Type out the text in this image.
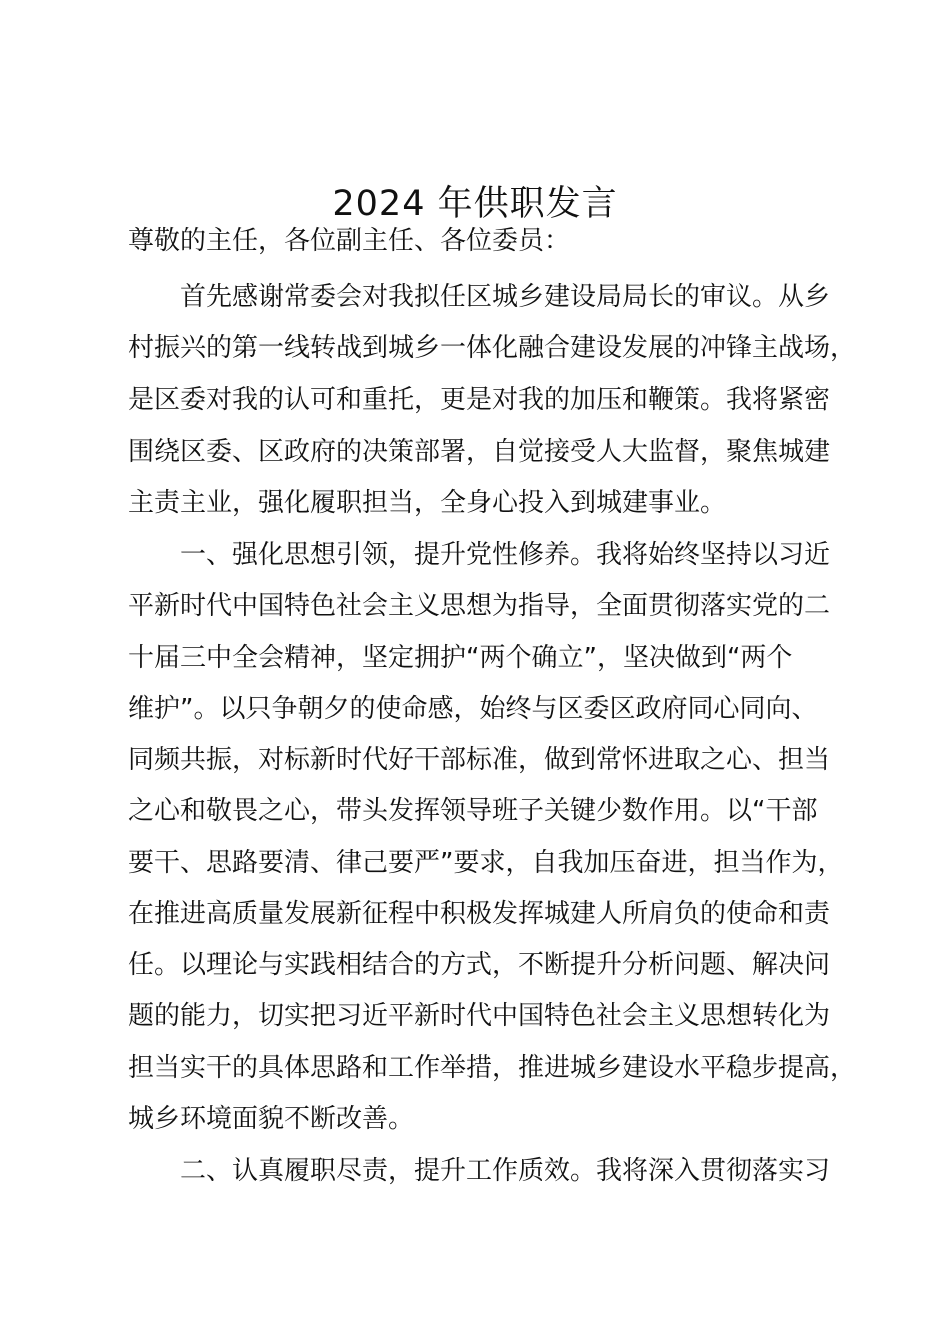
2024 年供职发言
尊敬的主任，各位副主任、各位委员：
首先感谢常委会对我拟任区城乡建设局局长的审议。从乡
村振兴的第一线转战到城乡一体化融合建设发展的冲锋主战场，
是区委对我的认可和重托，更是对我的加压和鞭策。我将紧密
围绕区委、区政府的决策部署，自觉接受人大监督，聚焦城建
主责主业，强化履职担当，全身心投入到城建事业。
一、强化思想引领，提升党性修养。我将始终坚持以习近
平新时代中国特色社会主义思想为指导，全面贯彻落实党的二
十届三中全会精神，坚定拥护“两个确立”，坚决做到“两个
维护”。以只争朝夕的使命感，始终与区委区政府同心同向、
同频共振，对标新时代好干部标准，做到常怀进取之心、担当
之心和敬畏之心，带头发挥领导班子关键少数作用。以“干部
要干、思路要清、律己要严”要求，自我加压奋进，担当作为，
在推进高质量发展新征程中积极发挥城建人所肩负的使命和责
任。以理论与实践相结合的方式，不断提升分析问题、解决问
题的能力，切实把习近平新时代中国特色社会主义思想转化为
担当实干的具体思路和工作举措，推进城乡建设水平稳步提高，
城乡环境面貌不断改善。
二、认真履职尽责，提升工作质效。我将深入贯彻落实习
